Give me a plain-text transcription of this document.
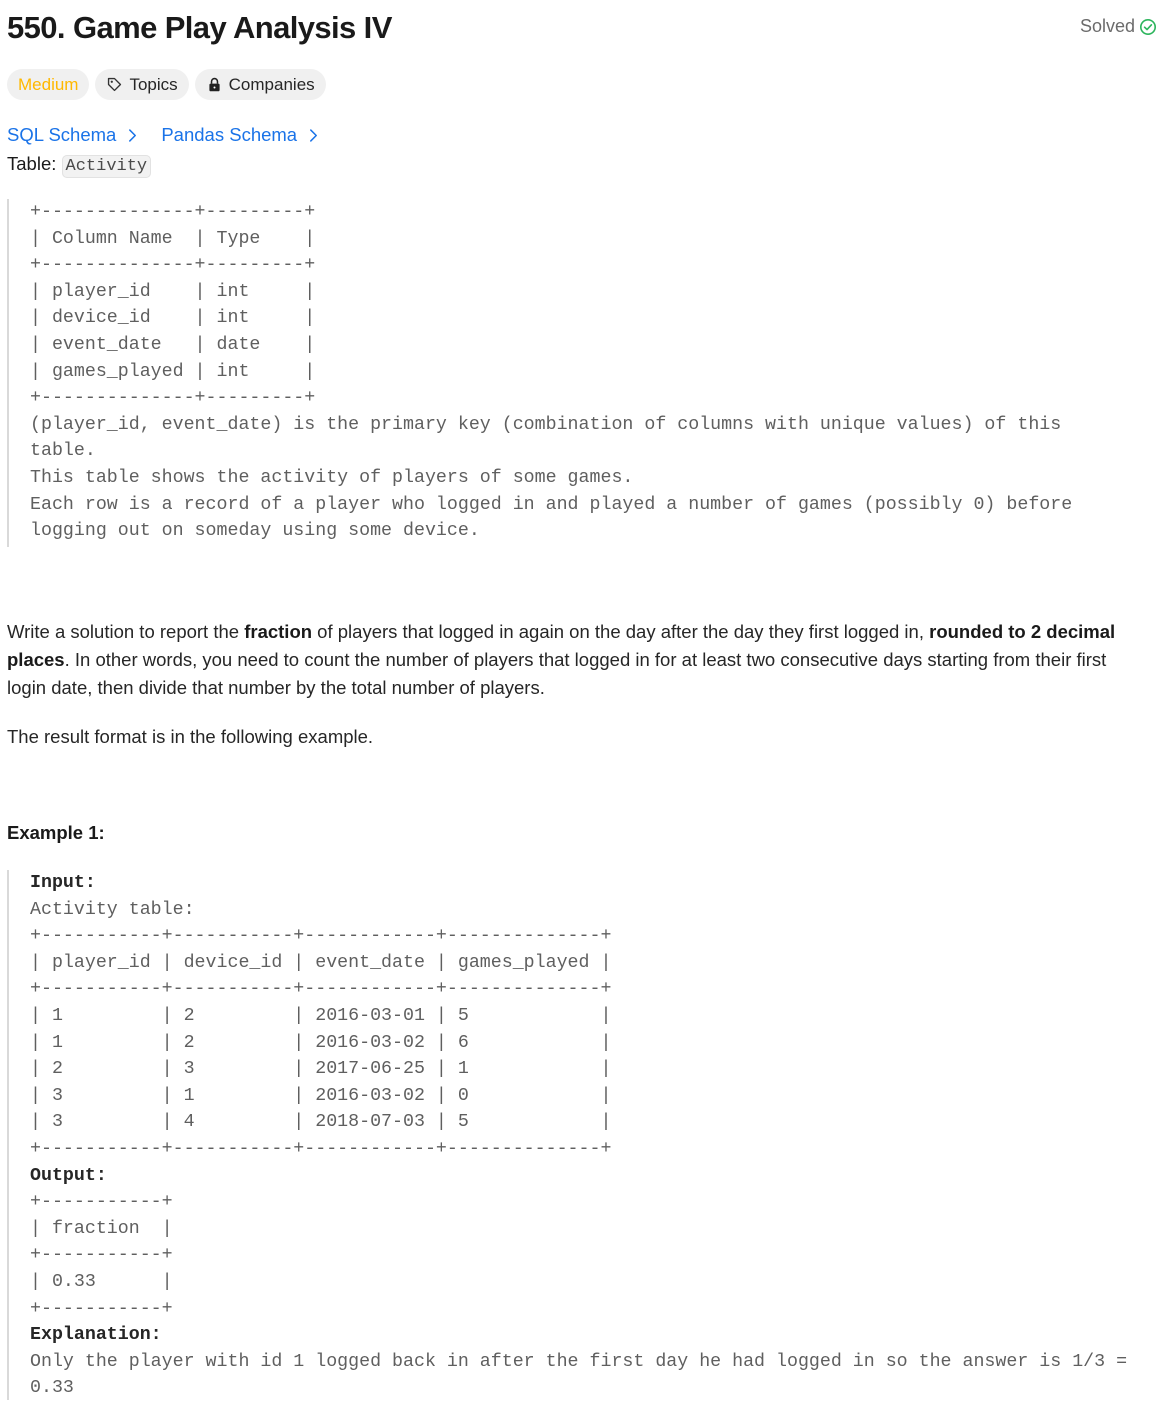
550. Game Play Analysis IV	Solved
Medium	Topics	Companies
SQL Schema Pandas Schema
Table: Activity
+--------------+---------+
| Column Name  | Type    |
+--------------+---------+
| player_id    | int     |
| device_id    | int     |
| event_date   | date    |
| games_played | int     |
+--------------+---------+
(player_id, event_date) is the primary key (combination of columns with unique values) of this
table.
This table shows the activity of players of some games.
Each row is a record of a player who logged in and played a number of games (possibly 0) before
logging out on someday using some device.

Write a solution to report the fraction of players that logged in again on the day after the day they first logged in, rounded to 2 decimal places. In other words, you need to count the number of players that logged in for at least two consecutive days starting from their first login date, then divide that number by the total number of players.

The result format is in the following example.

Example 1:

Input:
Activity table:
+-----------+-----------+------------+--------------+
| player_id | device_id | event_date | games_played |
+-----------+-----------+------------+--------------+
| 1         | 2         | 2016-03-01 | 5            |
| 1         | 2         | 2016-03-02 | 6            |
| 2         | 3         | 2017-06-25 | 1            |
| 3         | 1         | 2016-03-02 | 0            |
| 3         | 4         | 2018-07-03 | 5            |
+-----------+-----------+------------+--------------+
Output:
+-----------+
| fraction  |
+-----------+
| 0.33      |
+-----------+
Explanation:
Only the player with id 1 logged back in after the first day he had logged in so the answer is 1/3 =
0.33
